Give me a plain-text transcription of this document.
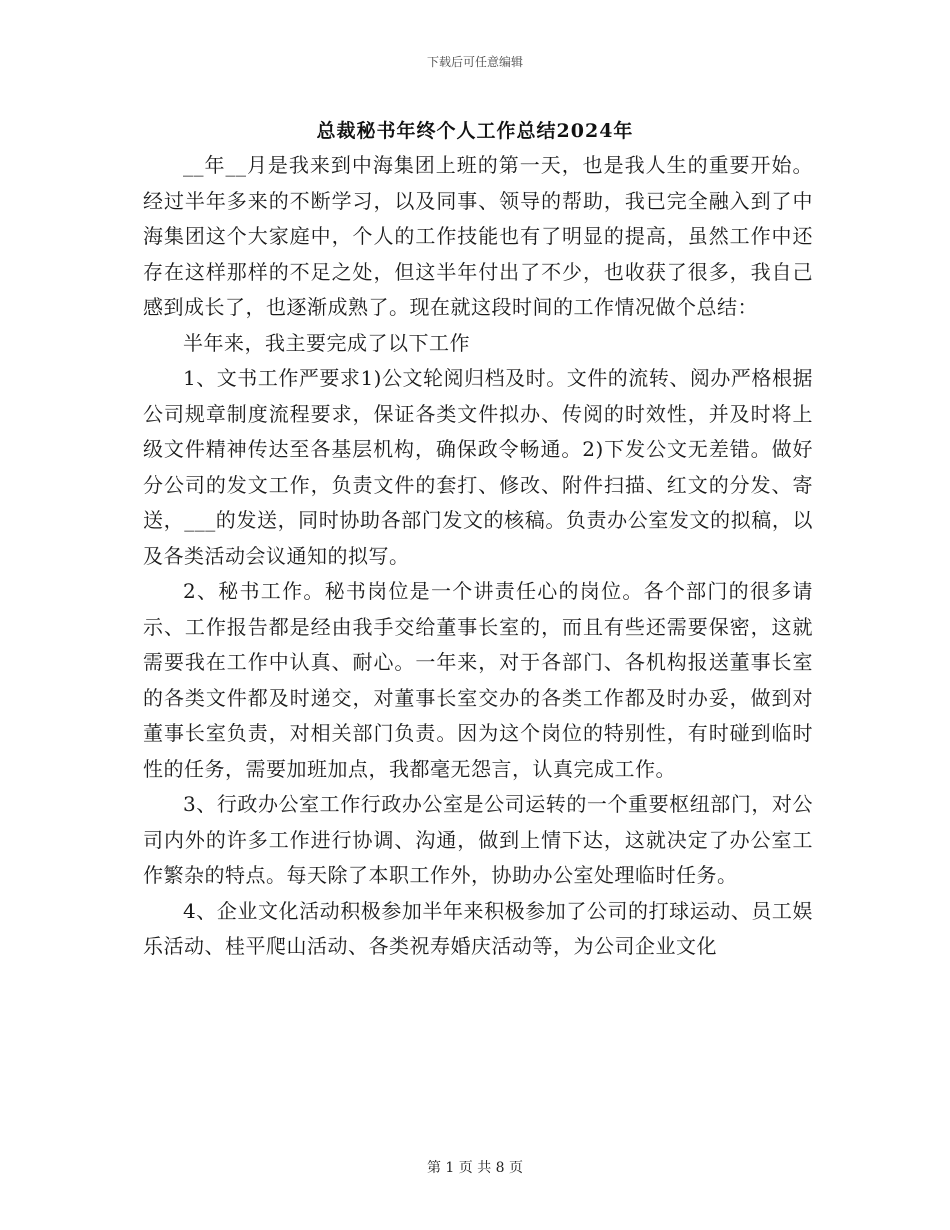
下载后可任意编辑
总裁秘书年终个人工作总结2024年

__年__月是我来到中海集团上班的第一天，也是我人生的重要开始。经过半年多来的不断学习，以及同事、领导的帮助，我已完全融入到了中海集团这个大家庭中，个人的工作技能也有了明显的提高，虽然工作中还存在这样那样的不足之处，但这半年付出了不少，也收获了很多，我自己感到成长了，也逐渐成熟了。现在就这段时间的工作情况做个总结：

半年来，我主要完成了以下工作

1、文书工作严要求1)公文轮阅归档及时。文件的流转、阅办严格根据公司规章制度流程要求，保证各类文件拟办、传阅的时效性，并及时将上级文件精神传达至各基层机构，确保政令畅通。2)下发公文无差错。做好分公司的发文工作，负责文件的套打、修改、附件扫描、红文的分发、寄送，___的发送，同时协助各部门发文的核稿。负责办公室发文的拟稿，以及各类活动会议通知的拟写。

2、秘书工作。秘书岗位是一个讲责任心的岗位。各个部门的很多请示、工作报告都是经由我手交给董事长室的，而且有些还需要保密，这就需要我在工作中认真、耐心。一年来，对于各部门、各机构报送董事长室的各类文件都及时递交，对董事长室交办的各类工作都及时办妥，做到对董事长室负责，对相关部门负责。因为这个岗位的特别性，有时碰到临时性的任务，需要加班加点，我都毫无怨言，认真完成工作。

3、行政办公室工作行政办公室是公司运转的一个重要枢纽部门，对公司内外的许多工作进行协调、沟通，做到上情下达，这就决定了办公室工作繁杂的特点。每天除了本职工作外，协助办公室处理临时任务。

4、企业文化活动积极参加半年来积极参加了公司的打球运动、员工娱乐活动、桂平爬山活动、各类祝寿婚庆活动等，为公司企业文化

第 1 页 共 8 页
